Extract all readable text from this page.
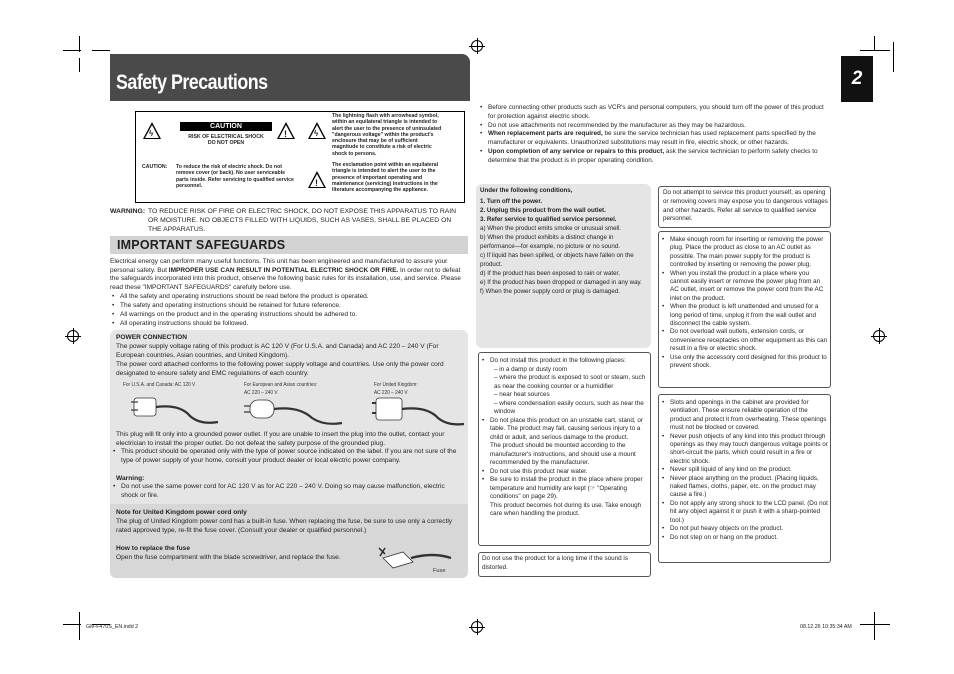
Safety Precautions	2
ϟ
CAUTION
RISK OF ELECTRICAL SHOCK
DO NOT OPEN
!
CAUTION: To reduce the risk of electric shock. Do not remove cover (or back). No user serviceable parts inside. Refer servicing to qualified service personnel.
The lightning flash with arrowhead symbol, within an equilateral triangle is intended to alert the user to the presence of uninsulated "dangerous voltage" within the product's enclosure that may be of sufficient magnitude to constitute a risk of electric shock to persons.
ϟ
The exclamation point within an equilateral triangle is intended to alert the user to the presence of important operating and maintenance (servicing) instructions in the literature accompanying the appliance.
!
WARNING: TO REDUCE RISK OF FIRE OR ELECTRIC SHOCK, DO NOT EXPOSE THIS APPARATUS TO RAIN OR MOISTURE. NO OBJECTS FILLED WITH LIQUIDS, SUCH AS VASES, SHALL BE PLACED ON THE APPARATUS.
IMPORTANT SAFEGUARDS
Electrical energy can perform many useful functions. This unit has been engineered and manufactured to assure your personal safety. But IMPROPER USE CAN RESULT IN POTENTIAL ELECTRIC SHOCK OR FIRE. In order not to defeat the safeguards incorporated into this product, observe the following basic rules for its installation, use, and service. Please read these "IMPORTANT SAFEGUARDS" carefully before use.
• All the safety and operating instructions should be read before the product is operated.
• The safety and operating instructions should be retained for future reference.
• All warnings on the product and in the operating instructions should be adhered to.
• All operating instructions should be followed.
POWER CONNECTION
The power supply voltage rating of this product is AC 120 V (For U.S.A. and Canada) and AC 220 – 240 V (For European countries, Asian countries, and United Kingdom).
The power cord attached conforms to the following power supply voltage and countries. Use only the power cord designated to ensure safety and EMC regulations of each country.
For U.S.A. and Canada: AC 120 V	For European and Asian countries:
AC 220 – 240 V
For United Kingdom:
AC 220 – 240 V
This plug will fit only into a grounded power outlet. If you are unable to insert the plug into the outlet, contact your electrician to install the proper outlet. Do not defeat the safety purpose of the grounded plug.
• This product should be operated only with the type of power source indicated on the label. If you are not sure of the type of power supply of your home, consult your product dealer or local electric power company.
Warning:
• Do not use the same power cord for AC 120 V as for AC 220 – 240 V. Doing so may cause malfunction, electric shock or fire.
Note for United Kingdom power cord only
The plug of United Kingdom power cord has a built-in fuse. When replacing the fuse, be sure to use only a correctly rated approved type, re-fit the fuse cover. (Consult your dealer or qualified personnel.)
How to replace the fuse
Open the fuse compartment with the blade screwdriver, and replace the fuse.
Fuse
• Before connecting other products such as VCR's and personal computers, you should turn off the power of this product for protection against electric shock.
• Do not use attachments not recommended by the manufacturer as they may be hazardous.
• When replacement parts are required, be sure the service technician has used replacement parts specified by the manufacturer or equivalents. Unauthorized substitutions may result in fire, electric shock, or other hazards.
• Upon completion of any service or repairs to this product, ask the service technician to perform safety checks to determine that the product is in proper operating condition.
Under the following conditions,
1. Turn off the power.
2. Unplug this product from the wall outlet.
3. Refer service to qualified service personnel.
a) When the product emits smoke or unusual smell.
b) When the product exhibits a distinct change in performance—for example, no picture or no sound.
c) If liquid has been spilled, or objects have fallen on the product.
d) If the product has been exposed to rain or water.
e) If the product has been dropped or damaged in any way.
f) When the power supply cord or plug is damaged.
Do not attempt to service this product yourself, as opening or removing covers may expose you to dangerous voltages and other hazards. Refer all service to qualified service personnel.
• Make enough room for inserting or removing the power plug. Place the product as close to an AC outlet as possible. The main power supply for the product is controlled by inserting or removing the power plug.
• When you install the product in a place where you cannot easily insert or remove the power plug from an AC outlet, insert or remove the power cord from the AC inlet on the product.
• When the product is left unattended and unused for a long period of time, unplug it from the wall outlet and disconnect the cable system.
• Do not overload wall outlets, extension cords, or convenience receptacles on other equipment as this can result in a fire or electric shock.
• Use only the accessory cord designed for this product to prevent shock.
• Do not install this product in the following places:
– in a damp or dusty room
– where the product is exposed to soot or steam, such as near the cooking counter or a humidifier
– near heat sources
– where condensation easily occurs, such as near the window
• Do not place this product on an unstable cart, stand, or table. The product may fall, causing serious injury to a child or adult, and serious damage to the product.
The product should be mounted according to the manufacturer's instructions, and should use a mount recommended by the manufacturer.
• Do not use this product near water.
• Be sure to install the product in the place where proper temperature and humidity are kept (☞ "Operating conditions" on page 29).
This product becomes hot during its use. Take enough care when handling the product.
Do not use the product for a long time if the sound is distorted.
• Slots and openings in the cabinet are provided for ventilation. These ensure reliable operation of the product and protect it from overheating. These openings must not be blocked or covered.
• Never push objects of any kind into this product through openings as they may touch dangerous voltage points or short-circuit the parts, which could result in a fire or electric shock.
• Never spill liquid of any kind on the product.
• Never place anything on the product. (Placing liquids, naked flames, cloths, paper, etc. on the product may cause a fire.)
• Do not apply any strong shock to the LCD panel. (Do not hit any object against it or push it with a sharp-pointed tool.)
• Do not put heavy objects on the product.
• Do not step on or hang on the product.
GM-F470S_EN.indd 2	08.12.26 10:35:34 AM
